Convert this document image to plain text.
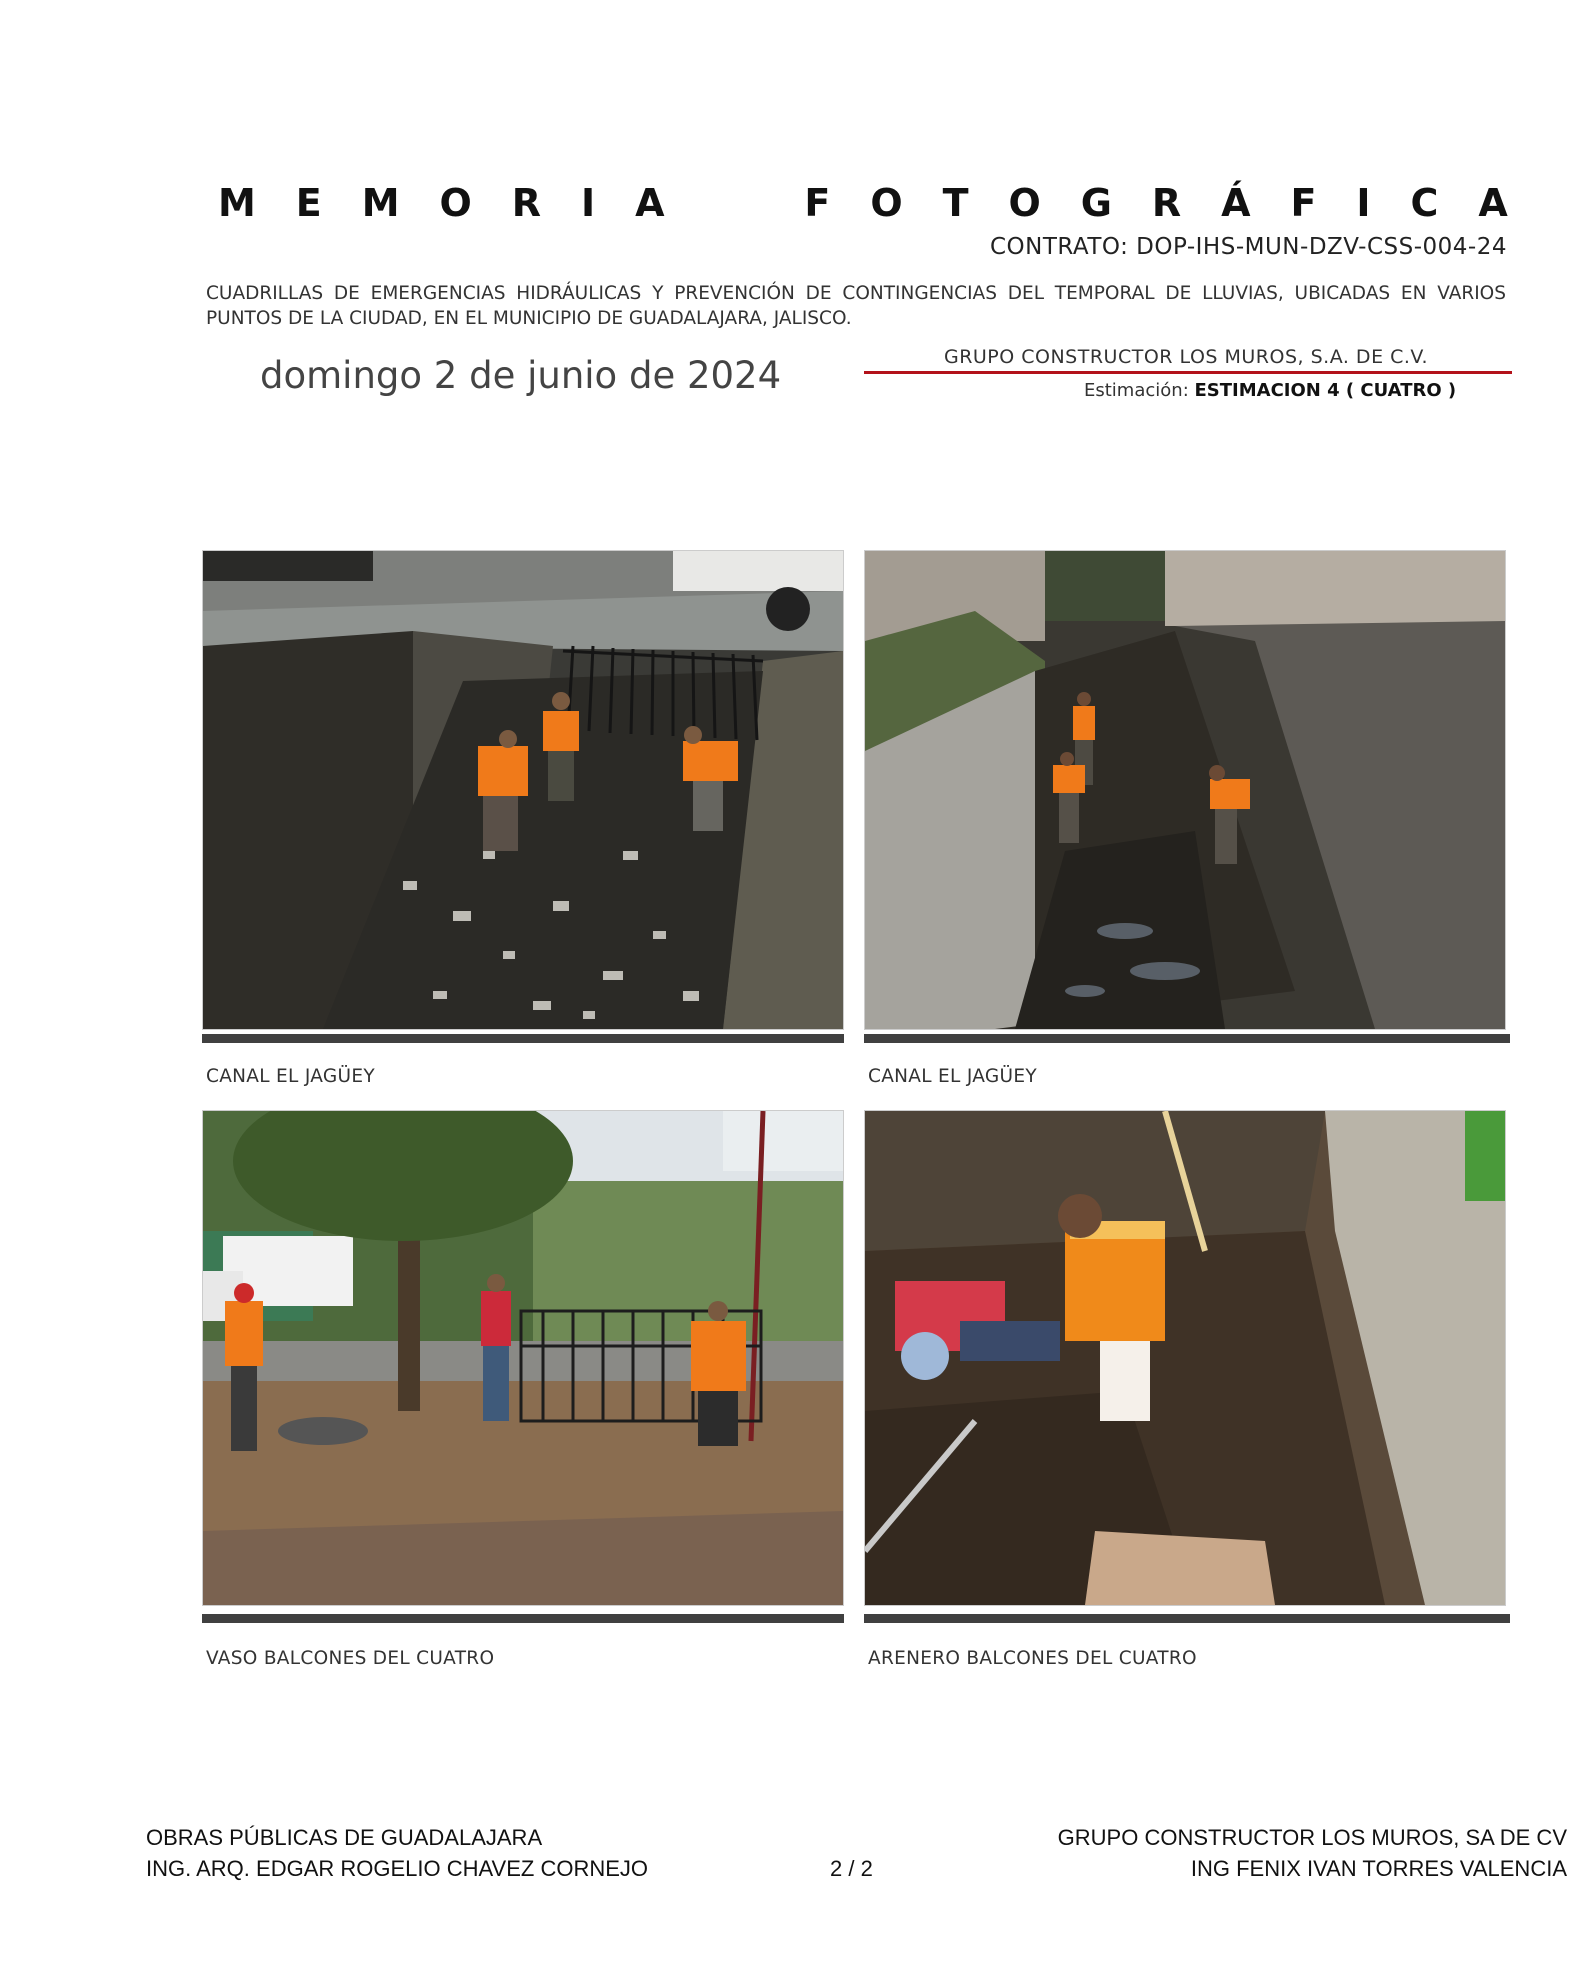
M E M O R I A	F O T O G R Á F I C A
CONTRATO: DOP-IHS-MUN-DZV-CSS-004-24
CUADRILLAS DE EMERGENCIAS HIDRÁULICAS Y PREVENCIÓN DE CONTINGENCIAS DEL TEMPORAL DE LLUVIAS, UBICADAS EN VARIOS PUNTOS DE LA CIUDAD, EN EL MUNICIPIO DE GUADALAJARA, JALISCO.
domingo 2 de junio de 2024	GRUPO CONSTRUCTOR LOS MUROS, S.A. DE C.V.
Estimación: ESTIMACION 4 ( CUATRO )
CANAL EL JAGÜEY	CANAL EL JAGÜEY
VASO BALCONES DEL CUATRO	ARENERO BALCONES DEL CUATRO
OBRAS PÚBLICAS DE GUADALAJARA
ING. ARQ. EDGAR ROGELIO CHAVEZ CORNEJO	2 / 2
GRUPO CONSTRUCTOR LOS MUROS, SA DE CV
ING FENIX IVAN TORRES VALENCIA
